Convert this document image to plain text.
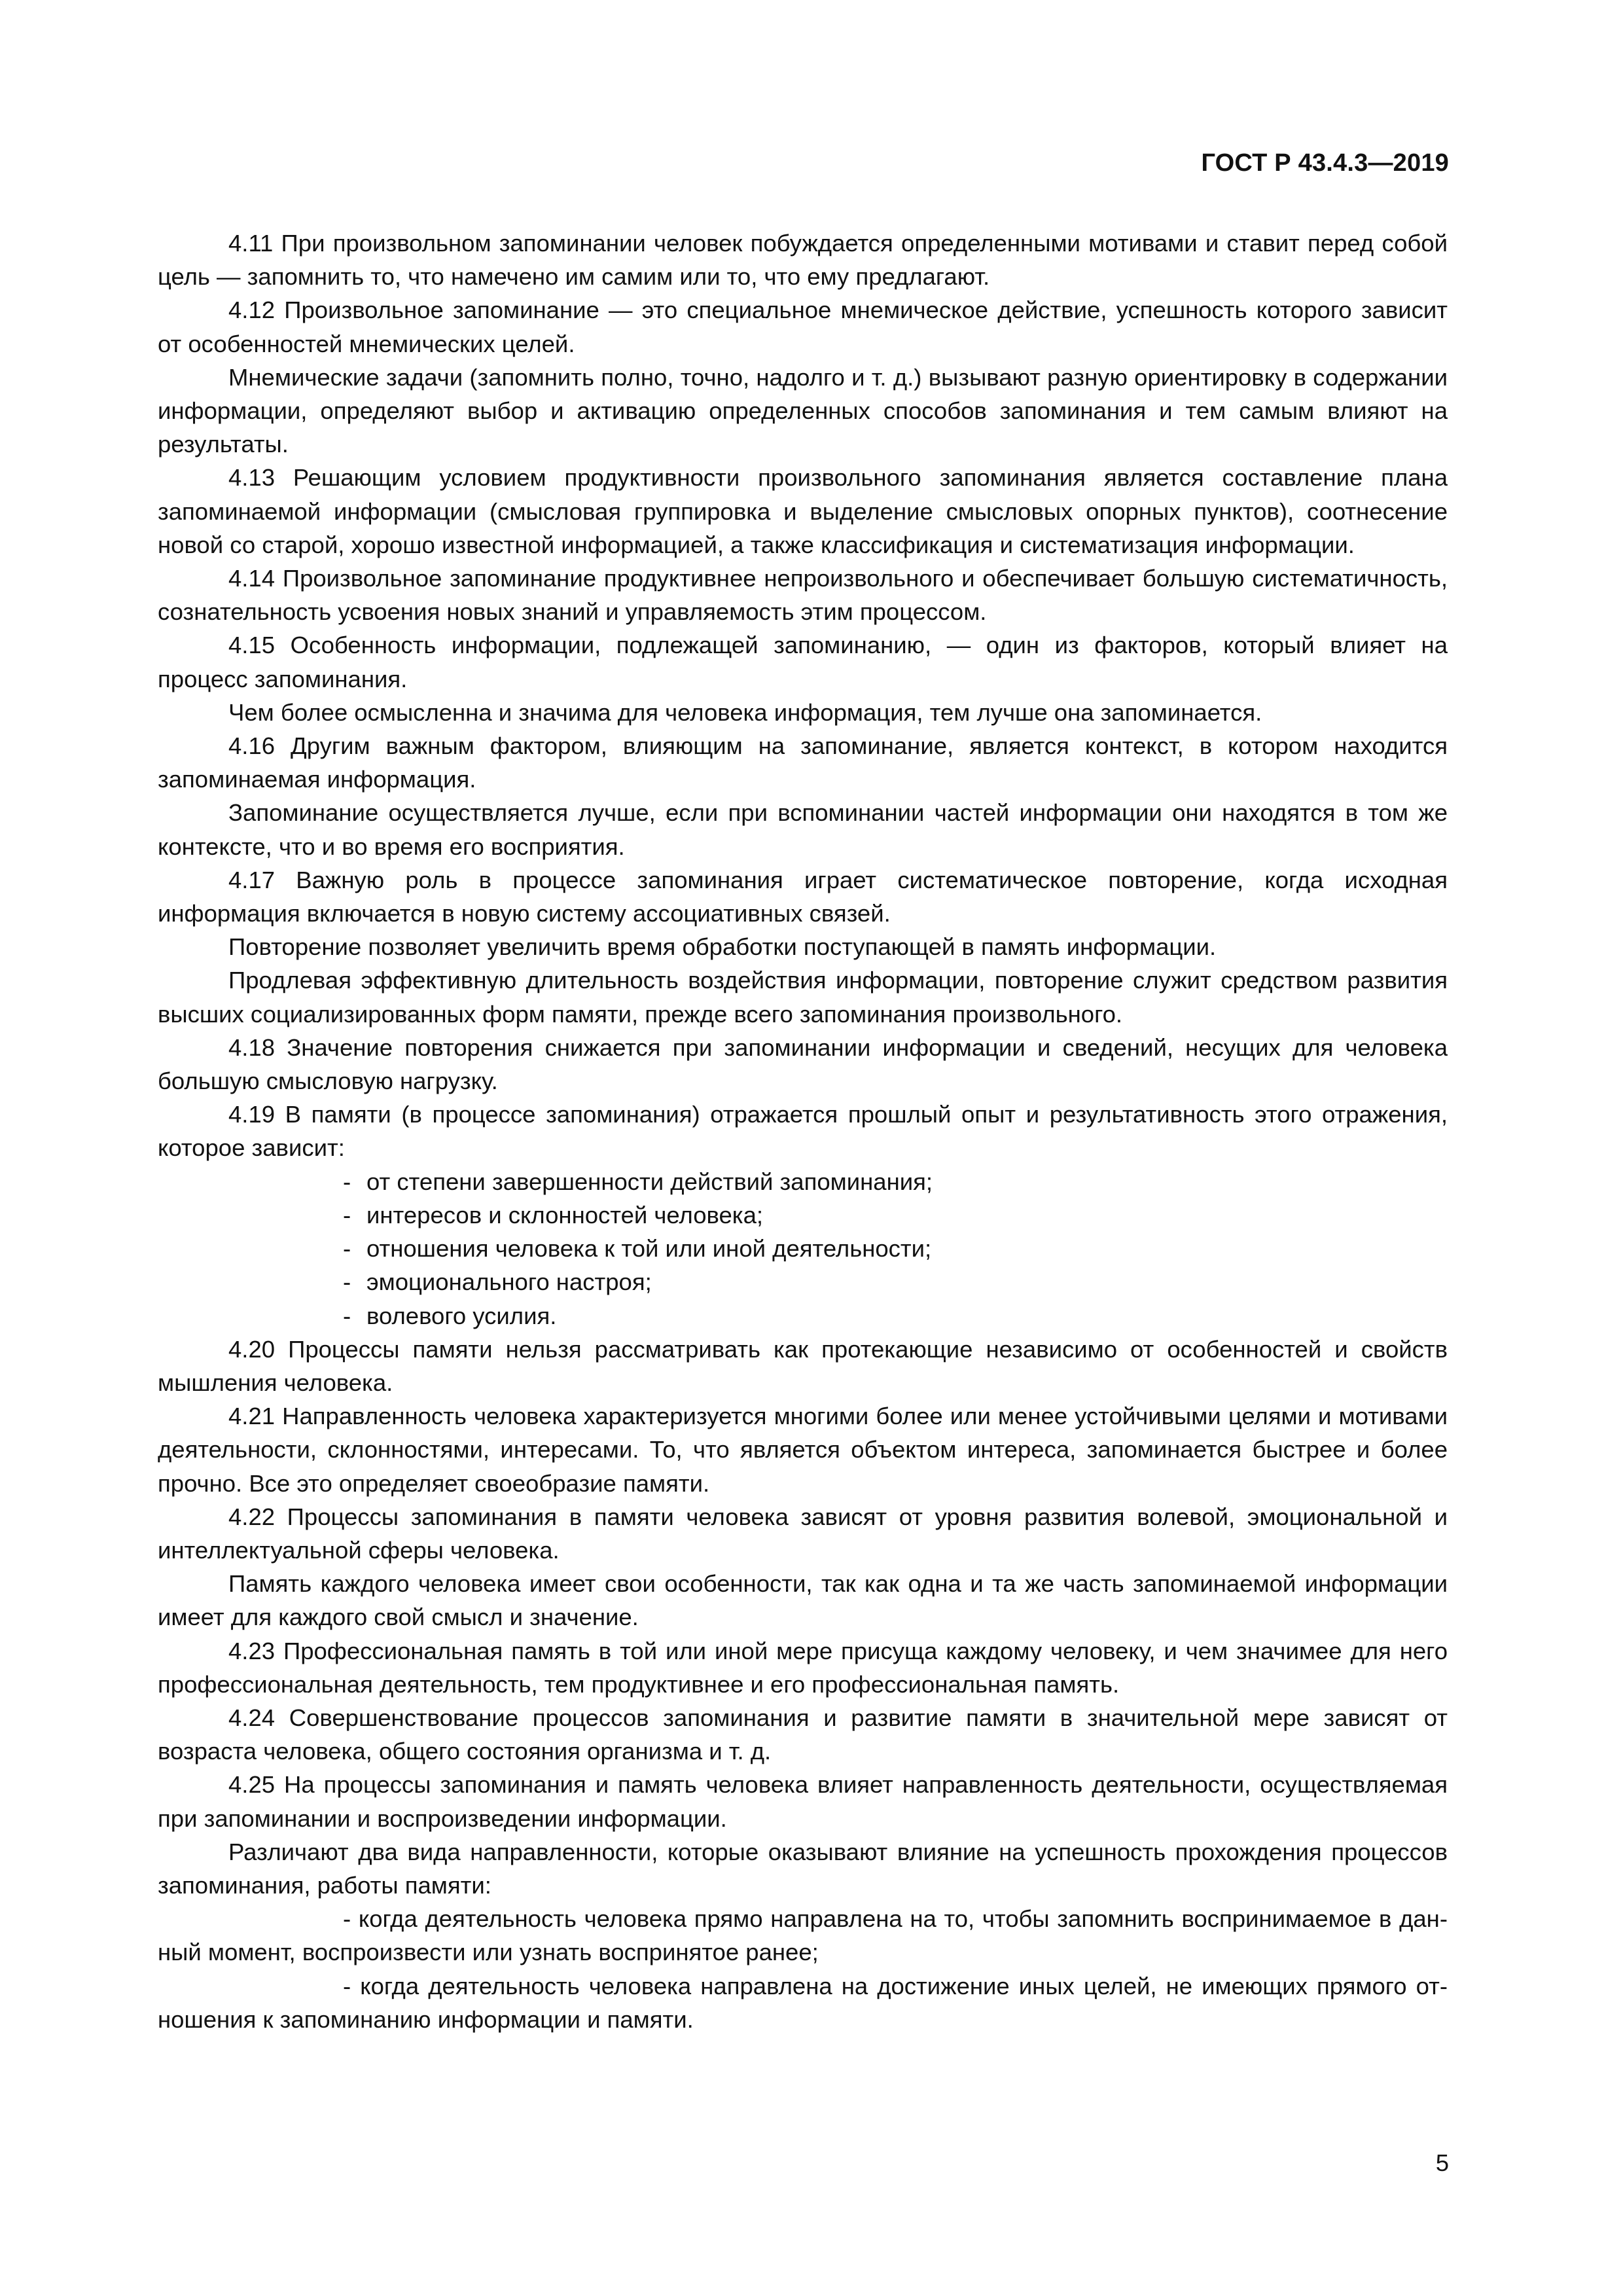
ГОСТ Р 43.4.3—2019

4.11 При произвольном запоминании человек побуждается определенными мотивами и ставит перед собой цель — запомнить то, что намечено им самим или то, что ему предлагают.

4.12 Произвольное запоминание — это специальное мнемическое действие, успешность которого зависит от особенностей мнемических целей.

Мнемические задачи (запомнить полно, точно, надолго и т. д.) вызывают разную ориентировку в содержании информации, определяют выбор и активацию определенных способов запоминания и тем самым влияют на результаты.

4.13 Решающим условием продуктивности произвольного запоминания является составление плана запоминаемой информации (смысловая группировка и выделение смысловых опорных пунктов), соотнесение новой со старой, хорошо известной информацией, а также классификация и систематизация информации.

4.14 Произвольное запоминание продуктивнее непроизвольного и обеспечивает большую систематичность, сознательность усвоения новых знаний и управляемость этим процессом.

4.15 Особенность информации, подлежащей запоминанию, — один из факторов, который влияет на процесс запоминания.

Чем более осмысленна и значима для человека информация, тем лучше она запоминается.

4.16 Другим важным фактором, влияющим на запоминание, является контекст, в котором находится запоминаемая информация.

Запоминание осуществляется лучше, если при вспоминании частей информации они находятся в том же контексте, что и во время его восприятия.

4.17 Важную роль в процессе запоминания играет систематическое повторение, когда исходная информация включается в новую систему ассоциативных связей.

Повторение позволяет увеличить время обработки поступающей в память информации.

Продлевая эффективную длительность воздействия информации, повторение служит средством развития высших социализированных форм памяти, прежде всего запоминания произвольного.

4.18 Значение повторения снижается при запоминании информации и сведений, несущих для человека большую смысловую нагрузку.

4.19 В памяти (в процессе запоминания) отражается прошлый опыт и результативность этого отражения, которое зависит:

- от степени завершенности действий запоминания;

- интересов и склонностей человека;

- отношения человека к той или иной деятельности;

- эмоционального настроя;

- волевого усилия.

4.20 Процессы памяти нельзя рассматривать как протекающие независимо от особенностей и свойств мышления человека.

4.21 Направленность человека характеризуется многими более или менее устойчивыми целями и мотивами деятельности, склонностями, интересами. То, что является объектом интереса, запоминается быстрее и более прочно. Все это определяет своеобразие памяти.

4.22 Процессы запоминания в памяти человека зависят от уровня развития волевой, эмоциональной и интеллектуальной сферы человека.

Память каждого человека имеет свои особенности, так как одна и та же часть запоминаемой информации имеет для каждого свой смысл и значение.

4.23 Профессиональная память в той или иной мере присуща каждому человеку, и чем значимее для него профессиональная деятельность, тем продуктивнее и его профессиональная память.

4.24 Совершенствование процессов запоминания и развитие памяти в значительной мере зависят от возраста человека, общего состояния организма и т. д.

4.25 На процессы запоминания и память человека влияет направленность деятельности, осуществляемая при запоминании и воспроизведении информации.

Различают два вида направленности, которые оказывают влияние на успешность прохождения процессов запоминания, работы памяти:

- когда деятельность человека прямо направлена на то, чтобы запомнить воспринимаемое в данный момент, воспроизвести или узнать воспринятое ранее;

- когда деятельность человека направлена на достижение иных целей, не имеющих прямого отношения к запоминанию информации и памяти.

5
